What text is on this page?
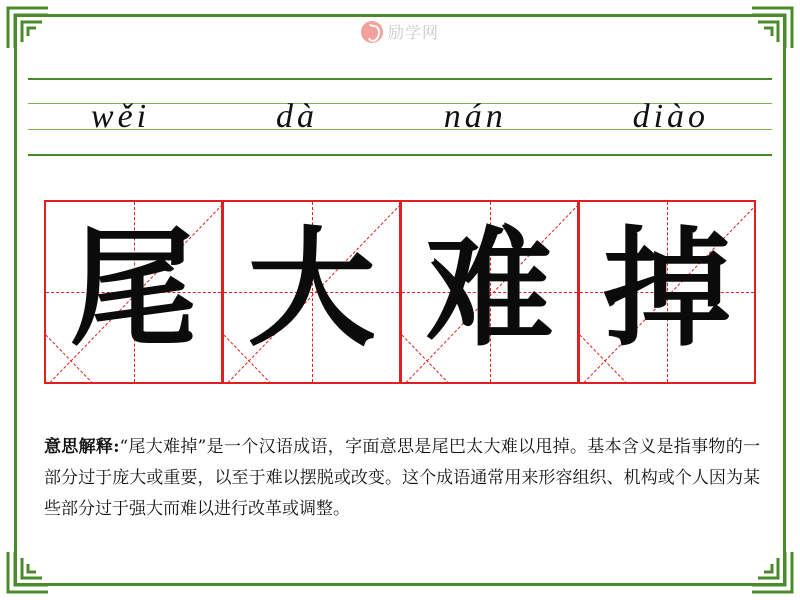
励学网
wěi	dà	nán	diào
尾 大 难 掉
意思解释:“尾大难掉”是一个汉语成语，字面意思是尾巴太大难以甩掉。基本含义是指事物的一部分过于庞大或重要，以至于难以摆脱或改变。这个成语通常用来形容组织、机构或个人因为某些部分过于强大而难以进行改革或调整。
